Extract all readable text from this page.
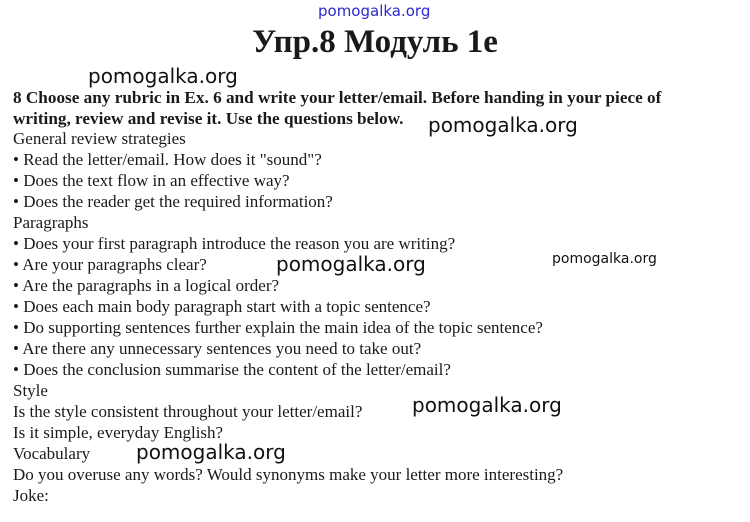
pomogalka.org
Упр.8 Модуль 1е
8 Choose any rubric in Ex. 6 and write your letter/email. Before handing in your piece of writing, review and revise it. Use the questions below.
General review strategies
• Read the letter/email. How does it "sound"?
• Does the text flow in an effective way?
• Does the reader get the required information?
Paragraphs
• Does your first paragraph introduce the reason you are writing?
• Are your paragraphs clear?
• Are the paragraphs in a logical order?
• Does each main body paragraph start with a topic sentence?
• Do supporting sentences further explain the main idea of the topic sentence?
• Are there any unnecessary sentences you need to take out?
• Does the conclusion summarise the content of the letter/email?
Style
Is the style consistent throughout your letter/email?
Is it simple, everyday English?
Vocabulary
Do you overuse any words? Would synonyms make your letter more interesting?
Joke:
pomogalka.org
pomogalka.org
pomogalka.org	pomogalka.org
pomogalka.org
pomogalka.org
